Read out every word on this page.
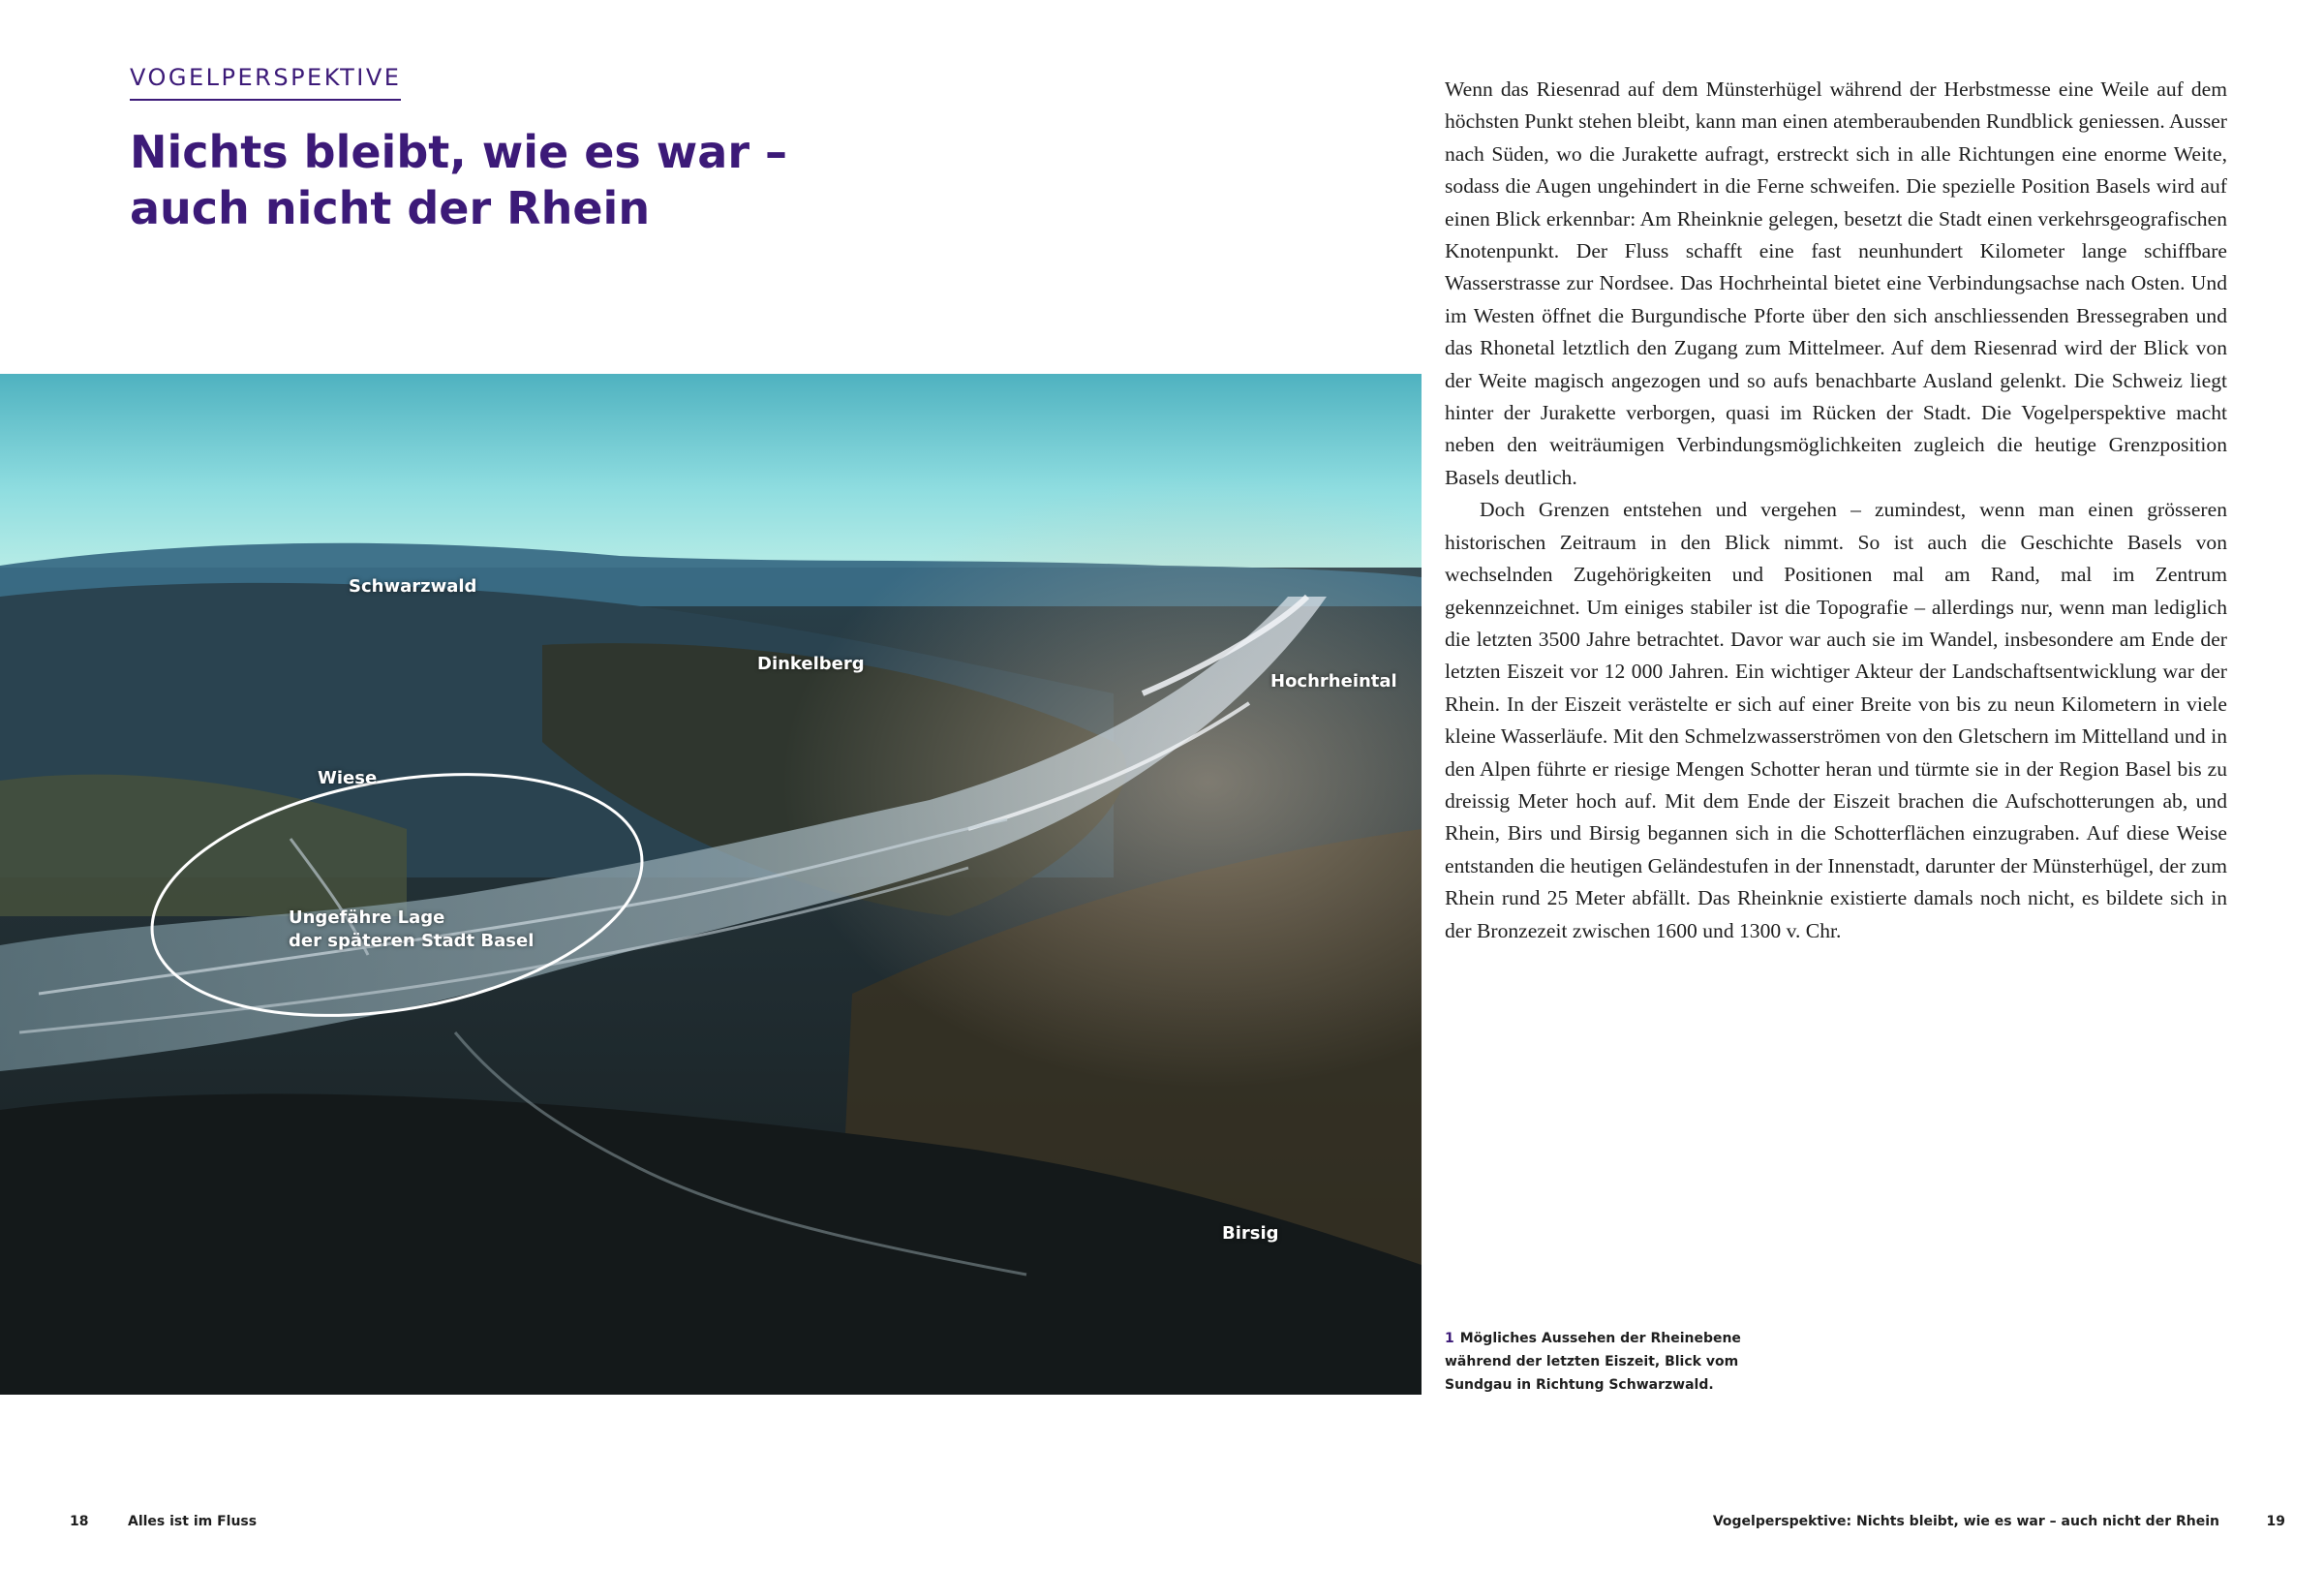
VOGELPERSPEKTIVE
Nichts bleibt, wie es war –
auch nicht der Rhein
Schwarzwald
Dinkelberg
Hochrheintal
Wiese
Ungefähre Lage
der späteren Stadt Basel
Birsig
18	Alles ist im Fluss

Wenn das Riesenrad auf dem Münsterhügel während der Herbstmesse eine Weile auf dem höchsten Punkt stehen bleibt, kann man einen atemberaubenden Rundblick geniessen. Ausser nach Süden, wo die Jurakette aufragt, erstreckt sich in alle Richtungen eine enorme Weite, sodass die Augen ungehindert in die Ferne schweifen. Die spezielle Position Basels wird auf einen Blick erkennbar: Am Rheinknie gelegen, besetzt die Stadt einen verkehrsgeografischen Knotenpunkt. Der Fluss schafft eine fast neunhundert Kilometer lange schiffbare Wasserstrasse zur Nordsee. Das Hochrheintal bietet eine Verbindungsachse nach Osten. Und im Westen öffnet die Burgundische Pforte über den sich anschliessenden Bressegraben und das Rhonetal letztlich den Zugang zum Mittelmeer. Auf dem Riesenrad wird der Blick von der Weite magisch angezogen und so aufs benachbarte Ausland gelenkt. Die Schweiz liegt hinter der Jurakette verborgen, quasi im Rücken der Stadt. Die Vogelperspektive macht neben den weiträumigen Verbindungsmöglichkeiten zugleich die heutige Grenzposition Basels deutlich.

Doch Grenzen entstehen und vergehen – zumindest, wenn man einen grösseren historischen Zeitraum in den Blick nimmt. So ist auch die Geschichte Basels von wechselnden Zugehörigkeiten und Positionen mal am Rand, mal im Zentrum gekennzeichnet. Um einiges stabiler ist die Topografie – allerdings nur, wenn man lediglich die letzten 3500 Jahre betrachtet. Davor war auch sie im Wandel, insbesondere am Ende der letzten Eiszeit vor 12 000 Jahren. Ein wichtiger Akteur der Landschaftsentwicklung war der Rhein. In der Eiszeit verästelte er sich auf einer Breite von bis zu neun Kilometern in viele kleine Wasserläufe. Mit den Schmelzwasserströmen von den Gletschern im Mittelland und in den Alpen führte er riesige Mengen Schotter heran und türmte sie in der Region Basel bis zu dreissig Meter hoch auf. Mit dem Ende der Eiszeit brachen die Aufschotterungen ab, und Rhein, Birs und Birsig begannen sich in die Schotterflächen einzugraben. Auf diese Weise entstanden die heutigen Geländestufen in der Innenstadt, darunter der Münsterhügel, der zum Rhein rund 25 Meter abfällt. Das Rheinknie existierte damals noch nicht, es bildete sich in der Bronzezeit zwischen 1600 und 1300 v. Chr.

1 Mögliches Aussehen der Rheinebene während der letzten Eiszeit, Blick vom Sundgau in Richtung Schwarzwald.
Vogelperspektive: Nichts bleibt, wie es war – auch nicht der Rhein	19
